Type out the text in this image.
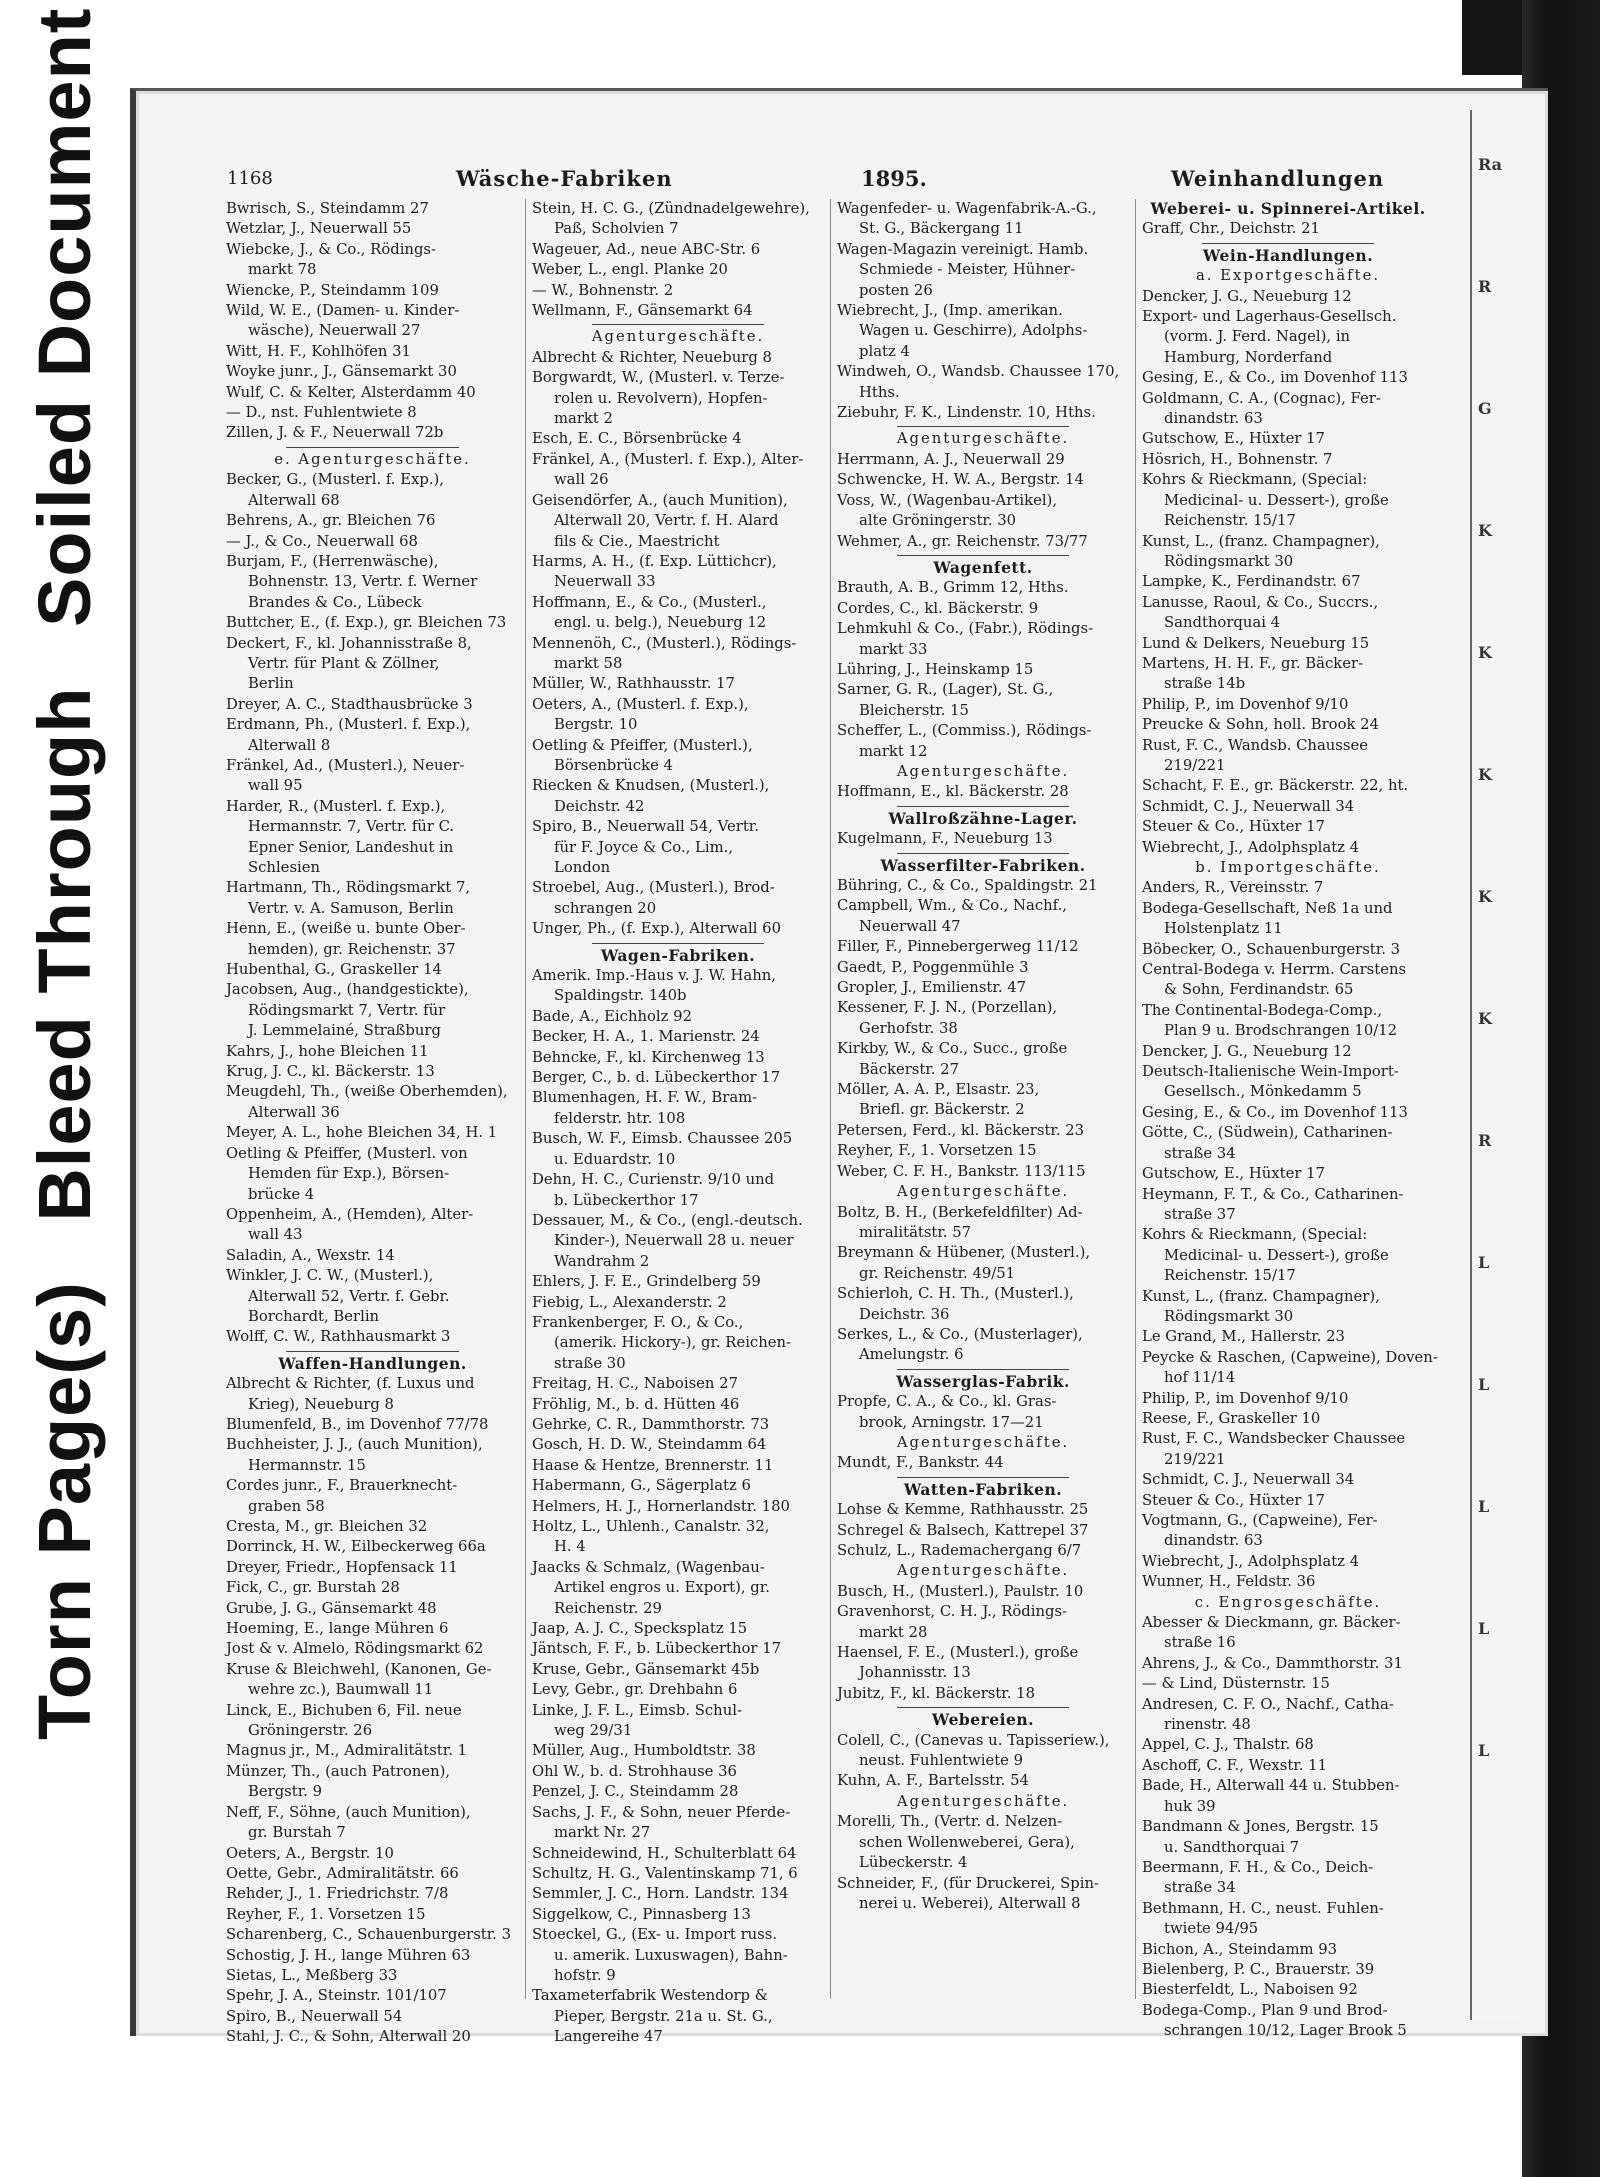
Torn Page(s) Bleed Through Soiled Document	1168	Wäsche-Fabriken	1895.	Weinhandlungen
Bwrisch, S., Steindamm 27
Wetzlar, J., Neuerwall 55
Wiebcke, J., & Co., Rödings-
markt 78
Wiencke, P., Steindamm 109
Wild, W. E., (Damen- u. Kinder-
wäsche), Neuerwall 27
Witt, H. F., Kohlhöfen 31
Woyke junr., J., Gänsemarkt 30
Wulf, C. & Kelter, Alsterdamm 40
— D., nst. Fuhlentwiete 8
Zillen, J. & F., Neuerwall 72b
e. Agenturgeschäfte.
Becker, G., (Musterl. f. Exp.),
Alterwall 68
Behrens, A., gr. Bleichen 76
— J., & Co., Neuerwall 68
Burjam, F., (Herrenwäsche),
Bohnenstr. 13, Vertr. f. Werner
Brandes & Co., Lübeck
Buttcher, E., (f. Exp.), gr. Bleichen 73
Deckert, F., kl. Johannisstraße 8,
Vertr. für Plant & Zöllner,
Berlin
Dreyer, A. C., Stadthausbrücke 3
Erdmann, Ph., (Musterl. f. Exp.),
Alterwall 8
Fränkel, Ad., (Musterl.), Neuer-
wall 95
Harder, R., (Musterl. f. Exp.),
Hermannstr. 7, Vertr. für C.
Epner Senior, Landeshut in
Schlesien
Hartmann, Th., Rödingsmarkt 7,
Vertr. v. A. Samuson, Berlin
Henn, E., (weiße u. bunte Ober-
hemden), gr. Reichenstr. 37
Hubenthal, G., Graskeller 14
Jacobsen, Aug., (handgestickte),
Rödingsmarkt 7, Vertr. für
J. Lemmelainé, Straßburg
Kahrs, J., hohe Bleichen 11
Krug, J. C., kl. Bäckerstr. 13
Meugdehl, Th., (weiße Oberhemden),
Alterwall 36
Meyer, A. L., hohe Bleichen 34, H. 1
Oetling & Pfeiffer, (Musterl. von
Hemden für Exp.), Börsen-
brücke 4
Oppenheim, A., (Hemden), Alter-
wall 43
Saladin, A., Wexstr. 14
Winkler, J. C. W., (Musterl.),
Alterwall 52, Vertr. f. Gebr.
Borchardt, Berlin
Wolff, C. W., Rathhausmarkt 3
Waffen-Handlungen.
Albrecht & Richter, (f. Luxus und
Krieg), Neueburg 8
Blumenfeld, B., im Dovenhof 77/78
Buchheister, J. J., (auch Munition),
Hermannstr. 15
Cordes junr., F., Brauerknecht-
graben 58
Cresta, M., gr. Bleichen 32
Dorrinck, H. W., Eilbeckerweg 66a
Dreyer, Friedr., Hopfensack 11
Fick, C., gr. Burstah 28
Grube, J. G., Gänsemarkt 48
Hoeming, E., lange Mühren 6
Jost & v. Almelo, Rödingsmarkt 62
Kruse & Bleichwehl, (Kanonen, Ge-
wehre zc.), Baumwall 11
Linck, E., Bichuben 6, Fil. neue
Gröningerstr. 26
Magnus jr., M., Admiralitätstr. 1
Münzer, Th., (auch Patronen),
Bergstr. 9
Neff, F., Söhne, (auch Munition),
gr. Burstah 7
Oeters, A., Bergstr. 10
Oette, Gebr., Admiralitätstr. 66
Rehder, J., 1. Friedrichstr. 7/8
Reyher, F., 1. Vorsetzen 15
Scharenberg, C., Schauenburgerstr. 3
Schostig, J. H., lange Mühren 63
Sietas, L., Meßberg 33
Spehr, J. A., Steinstr. 101/107
Spiro, B., Neuerwall 54
Stahl, J. C., & Sohn, Alterwall 20
Stein, H. C. G., (Zündnadelgewehre),
Paß, Scholvien 7
Wageuer, Ad., neue ABC-Str. 6
Weber, L., engl. Planke 20
— W., Bohnenstr. 2
Wellmann, F., Gänsemarkt 64
Agenturgeschäfte.
Albrecht & Richter, Neueburg 8
Borgwardt, W., (Musterl. v. Terze-
rolen u. Revolvern), Hopfen-
markt 2
Esch, E. C., Börsenbrücke 4
Fränkel, A., (Musterl. f. Exp.), Alter-
wall 26
Geisendörfer, A., (auch Munition),
Alterwall 20, Vertr. f. H. Alard
fils & Cie., Maestricht
Harms, A. H., (f. Exp. Lüttichcr),
Neuerwall 33
Hoffmann, E., & Co., (Musterl.,
engl. u. belg.), Neueburg 12
Mennenöh, C., (Musterl.), Rödings-
markt 58
Müller, W., Rathhausstr. 17
Oeters, A., (Musterl. f. Exp.),
Bergstr. 10
Oetling & Pfeiffer, (Musterl.),
Börsenbrücke 4
Riecken & Knudsen, (Musterl.),
Deichstr. 42
Spiro, B., Neuerwall 54, Vertr.
für F. Joyce & Co., Lim.,
London
Stroebel, Aug., (Musterl.), Brod-
schrangen 20
Unger, Ph., (f. Exp.), Alterwall 60
Wagen-Fabriken.
Amerik. Imp.-Haus v. J. W. Hahn,
Spaldingstr. 140b
Bade, A., Eichholz 92
Becker, H. A., 1. Marienstr. 24
Behncke, F., kl. Kirchenweg 13
Berger, C., b. d. Lübeckerthor 17
Blumenhagen, H. F. W., Bram-
felderstr. htr. 108
Busch, W. F., Eimsb. Chaussee 205
u. Eduardstr. 10
Dehn, H. C., Curienstr. 9/10 und
b. Lübeckerthor 17
Dessauer, M., & Co., (engl.-deutsch.
Kinder-), Neuerwall 28 u. neuer
Wandrahm 2
Ehlers, J. F. E., Grindelberg 59
Fiebig, L., Alexanderstr. 2
Frankenberger, F. O., & Co.,
(amerik. Hickory-), gr. Reichen-
straße 30
Freitag, H. C., Naboisen 27
Fröhlig, M., b. d. Hütten 46
Gehrke, C. R., Dammthorstr. 73
Gosch, H. D. W., Steindamm 64
Haase & Hentze, Brennerstr. 11
Habermann, G., Sägerplatz 6
Helmers, H. J., Hornerlandstr. 180
Holtz, L., Uhlenh., Canalstr. 32,
H. 4
Jaacks & Schmalz, (Wagenbau-
Artikel engros u. Export), gr.
Reichenstr. 29
Jaap, A. J. C., Specksplatz 15
Jäntsch, F. F., b. Lübeckerthor 17
Kruse, Gebr., Gänsemarkt 45b
Levy, Gebr., gr. Drehbahn 6
Linke, J. F. L., Eimsb. Schul-
weg 29/31
Müller, Aug., Humboldtstr. 38
Ohl W., b. d. Strohhause 36
Penzel, J. C., Steindamm 28
Sachs, J. F., & Sohn, neuer Pferde-
markt Nr. 27
Schneidewind, H., Schulterblatt 64
Schultz, H. G., Valentinskamp 71, 6
Semmler, J. C., Horn. Landstr. 134
Siggelkow, C., Pinnasberg 13
Stoeckel, G., (Ex- u. Import russ.
u. amerik. Luxuswagen), Bahn-
hofstr. 9
Taxameterfabrik Westendorp &
Pieper, Bergstr. 21a u. St. G.,
Langereihe 47
Wagenfeder- u. Wagenfabrik-A.-G.,
St. G., Bäckergang 11
Wagen-Magazin vereinigt. Hamb.
Schmiede - Meister, Hühner-
posten 26
Wiebrecht, J., (Imp. amerikan.
Wagen u. Geschirre), Adolphs-
platz 4
Windweh, O., Wandsb. Chaussee 170,
Hths.
Ziebuhr, F. K., Lindenstr. 10, Hths.
Agenturgeschäfte.
Herrmann, A. J., Neuerwall 29
Schwencke, H. W. A., Bergstr. 14
Voss, W., (Wagenbau-Artikel),
alte Gröningerstr. 30
Wehmer, A., gr. Reichenstr. 73/77
Wagenfett.
Brauth, A. B., Grimm 12, Hths.
Cordes, C., kl. Bäckerstr. 9
Lehmkuhl & Co., (Fabr.), Rödings-
markt 33
Lühring, J., Heinskamp 15
Sarner, G. R., (Lager), St. G.,
Bleicherstr. 15
Scheffer, L., (Commiss.), Rödings-
markt 12
Agenturgeschäfte.
Hoffmann, E., kl. Bäckerstr. 28
Wallroßzähne-Lager.
Kugelmann, F., Neueburg 13
Wasserfilter-Fabriken.
Bühring, C., & Co., Spaldingstr. 21
Campbell, Wm., & Co., Nachf.,
Neuerwall 47
Filler, F., Pinnebergerweg 11/12
Gaedt, P., Poggenmühle 3
Gropler, J., Emilienstr. 47
Kessener, F. J. N., (Porzellan),
Gerhofstr. 38
Kirkby, W., & Co., Succ., große
Bäckerstr. 27
Möller, A. A. P., Elsastr. 23,
Briefl. gr. Bäckerstr. 2
Petersen, Ferd., kl. Bäckerstr. 23
Reyher, F., 1. Vorsetzen 15
Weber, C. F. H., Bankstr. 113/115
Agenturgeschäfte.
Boltz, B. H., (Berkefeldfilter) Ad-
miralitätstr. 57
Breymann & Hübener, (Musterl.),
gr. Reichenstr. 49/51
Schierloh, C. H. Th., (Musterl.),
Deichstr. 36
Serkes, L., & Co., (Musterlager),
Amelungstr. 6
Wasserglas-Fabrik.
Propfe, C. A., & Co., kl. Gras-
brook, Arningstr. 17—21
Agenturgeschäfte.
Mundt, F., Bankstr. 44
Watten-Fabriken.
Lohse & Kemme, Rathhausstr. 25
Schregel & Balsech, Kattrepel 37
Schulz, L., Rademachergang 6/7
Agenturgeschäfte.
Busch, H., (Musterl.), Paulstr. 10
Gravenhorst, C. H. J., Rödings-
markt 28
Haensel, F. E., (Musterl.), große
Johannisstr. 13
Jubitz, F., kl. Bäckerstr. 18
Webereien.
Colell, C., (Canevas u. Tapisseriew.),
neust. Fuhlentwiete 9
Kuhn, A. F., Bartelsstr. 54
Agenturgeschäfte.
Morelli, Th., (Vertr. d. Nelzen-
schen Wollenweberei, Gera),
Lübeckerstr. 4
Schneider, F., (für Druckerei, Spin-
nerei u. Weberei), Alterwall 8
Weberei- u. Spinnerei-Artikel.
Graff, Chr., Deichstr. 21
Wein-Handlungen.
a. Exportgeschäfte.
Dencker, J. G., Neueburg 12
Export- und Lagerhaus-Gesellsch.
(vorm. J. Ferd. Nagel), in
Hamburg, Norderfand
Gesing, E., & Co., im Dovenhof 113
Goldmann, C. A., (Cognac), Fer-
dinandstr. 63
Gutschow, E., Hüxter 17
Hösrich, H., Bohnenstr. 7
Kohrs & Rieckmann, (Special:
Medicinal- u. Dessert-), große
Reichenstr. 15/17
Kunst, L., (franz. Champagner),
Rödingsmarkt 30
Lampke, K., Ferdinandstr. 67
Lanusse, Raoul, & Co., Succrs.,
Sandthorquai 4
Lund & Delkers, Neueburg 15
Martens, H. H. F., gr. Bäcker-
straße 14b
Philip, P., im Dovenhof 9/10
Preucke & Sohn, holl. Brook 24
Rust, F. C., Wandsb. Chaussee
219/221
Schacht, F. E., gr. Bäckerstr. 22, ht.
Schmidt, C. J., Neuerwall 34
Steuer & Co., Hüxter 17
Wiebrecht, J., Adolphsplatz 4
b. Importgeschäfte.
Anders, R., Vereinsstr. 7
Bodega-Gesellschaft, Neß 1a und
Holstenplatz 11
Böbecker, O., Schauenburgerstr. 3
Central-Bodega v. Herrm. Carstens
& Sohn, Ferdinandstr. 65
The Continental-Bodega-Comp.,
Plan 9 u. Brodschrangen 10/12
Dencker, J. G., Neueburg 12
Deutsch-Italienische Wein-Import-
Gesellsch., Mönkedamm 5
Gesing, E., & Co., im Dovenhof 113
Götte, C., (Südwein), Catharinen-
straße 34
Gutschow, E., Hüxter 17
Heymann, F. T., & Co., Catharinen-
straße 37
Kohrs & Rieckmann, (Special:
Medicinal- u. Dessert-), große
Reichenstr. 15/17
Kunst, L., (franz. Champagner),
Rödingsmarkt 30
Le Grand, M., Hallerstr. 23
Peycke & Raschen, (Capweine), Doven-
hof 11/14
Philip, P., im Dovenhof 9/10
Reese, F., Graskeller 10
Rust, F. C., Wandsbecker Chaussee
219/221
Schmidt, C. J., Neuerwall 34
Steuer & Co., Hüxter 17
Vogtmann, G., (Capweine), Fer-
dinandstr. 63
Wiebrecht, J., Adolphsplatz 4
Wunner, H., Feldstr. 36
c. Engrosgeschäfte.
Abesser & Dieckmann, gr. Bäcker-
straße 16
Ahrens, J., & Co., Dammthorstr. 31
— & Lind, Düsternstr. 15
Andresen, C. F. O., Nachf., Catha-
rinenstr. 48
Appel, C. J., Thalstr. 68
Aschoff, C. F., Wexstr. 11
Bade, H., Alterwall 44 u. Stubben-
huk 39
Bandmann & Jones, Bergstr. 15
u. Sandthorquai 7
Beermann, F. H., & Co., Deich-
straße 34
Bethmann, H. C., neust. Fuhlen-
twiete 94/95
Bichon, A., Steindamm 93
Bielenberg, P. C., Brauerstr. 39
Biesterfeldt, L., Naboisen 92
Bodega-Comp., Plan 9 und Brod-
schrangen 10/12, Lager Brook 5
Ra
R
G
K
K
K
K
K
R
L
L
L
L
L
